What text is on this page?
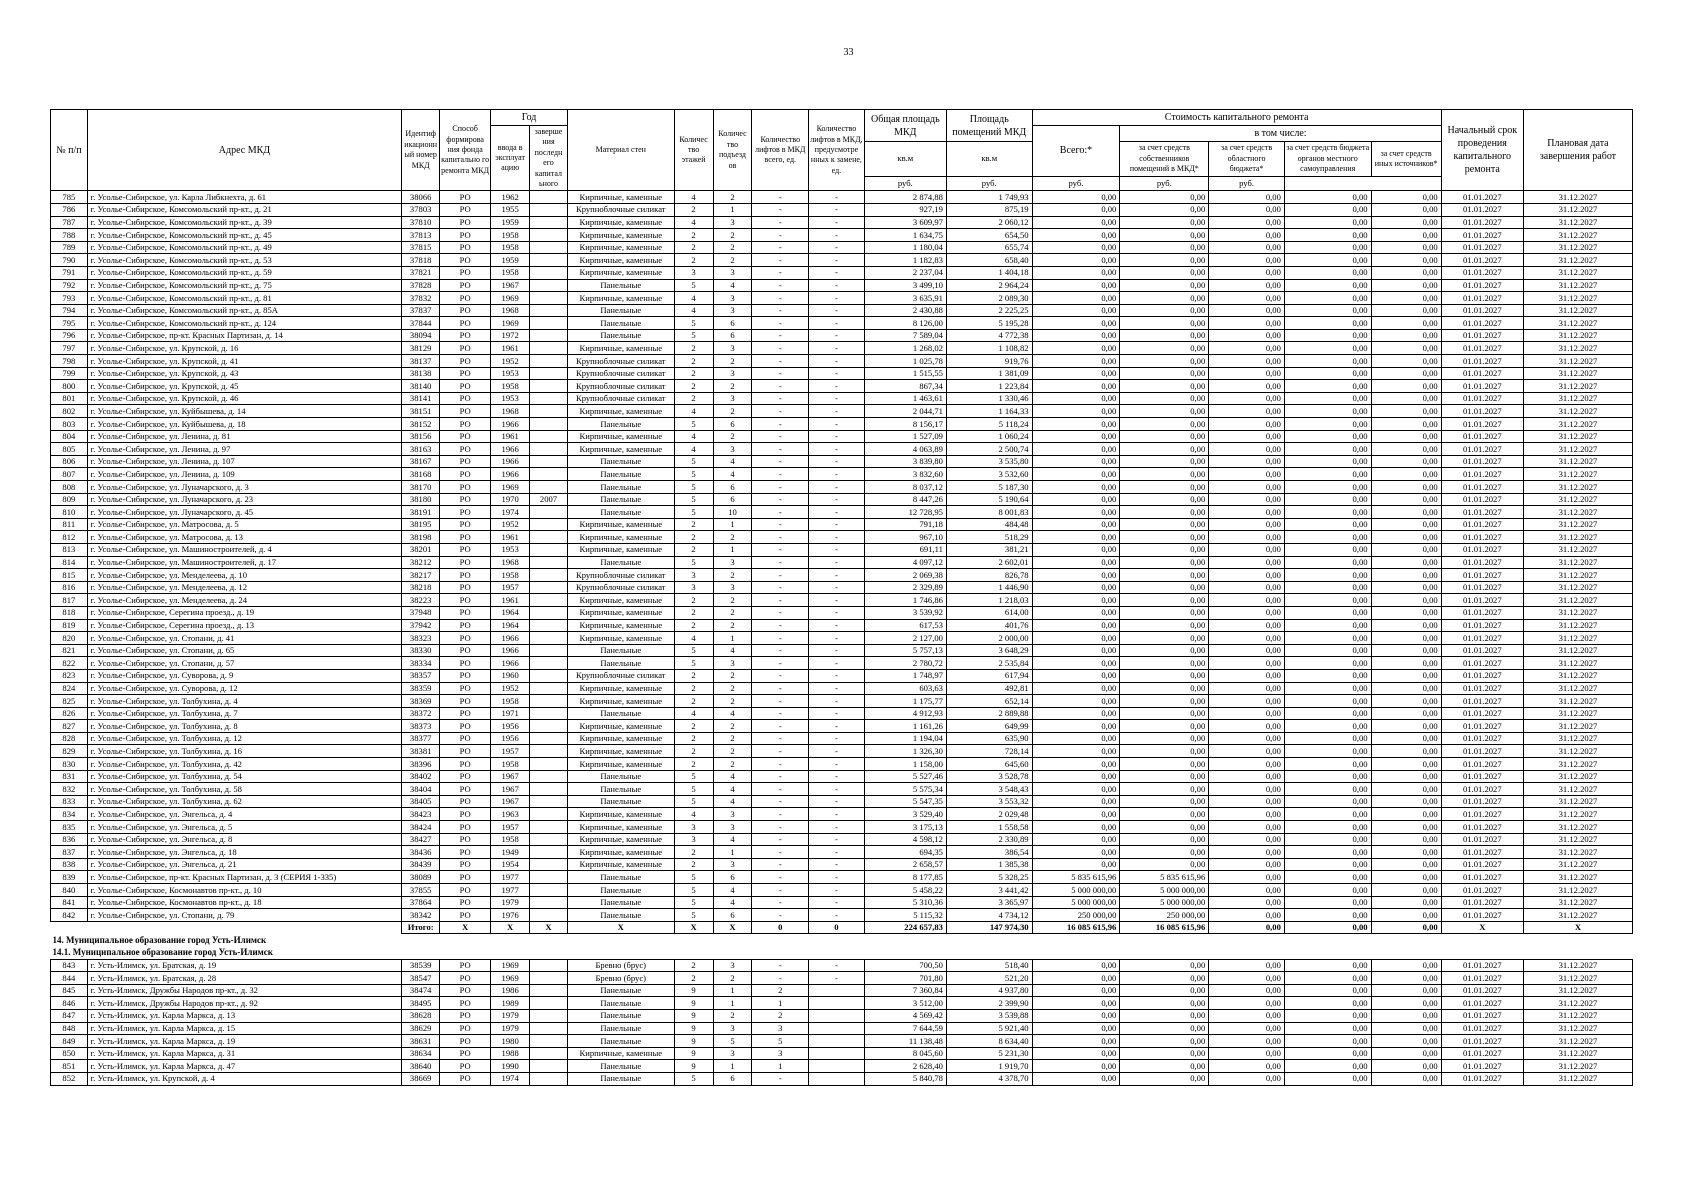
33
№ п/п	Адрес МКД	Идентиф икационн ый номер МКД	Способ формирова ния фонда капитально го ремонта МКД	Год		Материал стен	Количес тво этажей	Количес тво подъезд ов	Количество лифтов в МКД всего, ед.	Количество лифтов в МКД, предусмотре нных к замене, ед.	Общая площадь МКД	Площадь помещений МКД	Стоимость капитального ремонта					Начальный срок проведения капитального ремонта	Плановая дата завершения работ
				ввода в эксплуат ацию	заверше ния последн его капитал ьного								Всего:*	в том числе:					
											кв.м	кв.м		за счет средств собственников помещений в МКД*	за счет средств областного бюджета*	за счет средств бюджета органов местного самоуправления	за счет средств иных источников*		
											руб.	руб.	руб.	руб.	руб.				
785	г. Усолье-Сибирское, ул. Карла Либкнехта, д. 61	38066	РО	1962		Кирпичные, каменные	4	2	-	-	2 874,88	1 749,93	0,00	0,00	0,00	0,00	0,00	01.01.2027	31.12.2027
786	г. Усолье-Сибирское, Комсомольский пр-кт., д. 21	37803	РО	1955		Крупноблочные силикат	2	1	-	-	927,19	875,19	0,00	0,00	0,00	0,00	0,00	01.01.2027	31.12.2027
787	г. Усолье-Сибирское, Комсомольский пр-кт., д. 39	37810	РО	1959		Кирпичные, каменные	4	3	-	-	3 609,97	2 060,12	0,00	0,00	0,00	0,00	0,00	01.01.2027	31.12.2027
788	г. Усолье-Сибирское, Комсомольский пр-кт., д. 45	37813	РО	1958		Кирпичные, каменные	2	2	-	-	1 634,75	654,50	0,00	0,00	0,00	0,00	0,00	01.01.2027	31.12.2027
789	г. Усолье-Сибирское, Комсомольский пр-кт., д. 49	37815	РО	1958		Кирпичные, каменные	2	2	-	-	1 180,04	655,74	0,00	0,00	0,00	0,00	0,00	01.01.2027	31.12.2027
790	г. Усолье-Сибирское, Комсомольский пр-кт., д. 53	37818	РО	1959		Кирпичные, каменные	2	2	-	-	1 182,83	658,40	0,00	0,00	0,00	0,00	0,00	01.01.2027	31.12.2027
791	г. Усолье-Сибирское, Комсомольский пр-кт., д. 59	37821	РО	1958		Кирпичные, каменные	3	3	-	-	2 237,04	1 404,18	0,00	0,00	0,00	0,00	0,00	01.01.2027	31.12.2027
792	г. Усолье-Сибирское, Комсомольский пр-кт., д. 75	37828	РО	1967		Панельные	5	4	-	-	3 499,10	2 964,24	0,00	0,00	0,00	0,00	0,00	01.01.2027	31.12.2027
793	г. Усолье-Сибирское, Комсомольский пр-кт., д. 81	37832	РО	1969		Кирпичные, каменные	4	3	-	-	3 635,91	2 089,30	0,00	0,00	0,00	0,00	0,00	01.01.2027	31.12.2027
794	г. Усолье-Сибирское, Комсомольский пр-кт., д. 85А	37837	РО	1968		Панельные	4	3	-	-	2 430,88	2 225,25	0,00	0,00	0,00	0,00	0,00	01.01.2027	31.12.2027
795	г. Усолье-Сибирское, Комсомольский пр-кт., д. 124	37844	РО	1969		Панельные	5	6	-	-	8 126,00	5 195,28	0,00	0,00	0,00	0,00	0,00	01.01.2027	31.12.2027
796	г. Усолье-Сибирское, пр-кт. Красных Партизан, д. 14	38094	РО	1972		Панельные	5	6	-	-	7 589,04	4 772,38	0,00	0,00	0,00	0,00	0,00	01.01.2027	31.12.2027
797	г. Усолье-Сибирское, ул. Крупской, д. 16	38129	РО	1961		Кирпичные, каменные	2	3	-	-	1 268,02	1 108,82	0,00	0,00	0,00	0,00	0,00	01.01.2027	31.12.2027
798	г. Усолье-Сибирское, ул. Крупской, д. 41	38137	РО	1952		Крупноблочные силикат	2	2	-	-	1 025,78	919,76	0,00	0,00	0,00	0,00	0,00	01.01.2027	31.12.2027
799	г. Усолье-Сибирское, ул. Крупской, д. 43	38138	РО	1953		Крупноблочные силикат	2	3	-	-	1 515,55	1 381,09	0,00	0,00	0,00	0,00	0,00	01.01.2027	31.12.2027
800	г. Усолье-Сибирское, ул. Крупской, д. 45	38140	РО	1958		Крупноблочные силикат	2	2	-	-	867,34	1 223,84	0,00	0,00	0,00	0,00	0,00	01.01.2027	31.12.2027
801	г. Усолье-Сибирское, ул. Крупской, д. 46	38141	РО	1953		Крупноблочные силикат	2	3	-	-	1 463,61	1 330,46	0,00	0,00	0,00	0,00	0,00	01.01.2027	31.12.2027
802	г. Усолье-Сибирское, ул. Куйбышева, д. 14	38151	РО	1968		Кирпичные, каменные	4	2	-	-	2 044,71	1 164,33	0,00	0,00	0,00	0,00	0,00	01.01.2027	31.12.2027
803	г. Усолье-Сибирское, ул. Куйбышева, д. 18	38152	РО	1966		Панельные	5	6	-	-	8 156,17	5 118,24	0,00	0,00	0,00	0,00	0,00	01.01.2027	31.12.2027
804	г. Усолье-Сибирское, ул. Ленина, д. 81	38156	РО	1961		Кирпичные, каменные	4	2	-	-	1 527,09	1 060,24	0,00	0,00	0,00	0,00	0,00	01.01.2027	31.12.2027
805	г. Усолье-Сибирское, ул. Ленина, д. 97	38163	РО	1966		Кирпичные, каменные	4	3	-	-	4 063,89	2 500,74	0,00	0,00	0,00	0,00	0,00	01.01.2027	31.12.2027
806	г. Усолье-Сибирское, ул. Ленина, д. 107	38167	РО	1966		Панельные	5	4	-	-	3 839,80	3 535,80	0,00	0,00	0,00	0,00	0,00	01.01.2027	31.12.2027
807	г. Усолье-Сибирское, ул. Ленина, д. 109	38168	РО	1966		Панельные	5	4	-	-	3 832,60	3 532,60	0,00	0,00	0,00	0,00	0,00	01.01.2027	31.12.2027
808	г. Усолье-Сибирское, ул. Луначарского, д. 3	38170	РО	1969		Панельные	5	6	-	-	8 037,12	5 187,30	0,00	0,00	0,00	0,00	0,00	01.01.2027	31.12.2027
809	г. Усолье-Сибирское, ул. Луначарского, д. 23	38180	РО	1970	2007	Панельные	5	6	-	-	8 447,26	5 190,64	0,00	0,00	0,00	0,00	0,00	01.01.2027	31.12.2027
810	г. Усолье-Сибирское, ул. Луначарского, д. 45	38191	РО	1974		Панельные	5	10	-	-	12 728,95	8 001,83	0,00	0,00	0,00	0,00	0,00	01.01.2027	31.12.2027
811	г. Усолье-Сибирское, ул. Матросова, д. 5	38195	РО	1952		Кирпичные, каменные	2	1	-	-	791,18	484,48	0,00	0,00	0,00	0,00	0,00	01.01.2027	31.12.2027
812	г. Усолье-Сибирское, ул. Матросова, д. 13	38198	РО	1961		Кирпичные, каменные	2	2	-	-	967,10	518,29	0,00	0,00	0,00	0,00	0,00	01.01.2027	31.12.2027
813	г. Усолье-Сибирское, ул. Машиностроителей, д. 4	38201	РО	1953		Кирпичные, каменные	2	1	-	-	691,11	381,21	0,00	0,00	0,00	0,00	0,00	01.01.2027	31.12.2027
814	г. Усолье-Сибирское, ул. Машиностроителей, д. 17	38212	РО	1968		Панельные	5	3	-	-	4 097,12	2 602,01	0,00	0,00	0,00	0,00	0,00	01.01.2027	31.12.2027
815	г. Усолье-Сибирское, ул. Менделеева, д. 10	38217	РО	1958		Крупноблочные силикат	3	2	-	-	2 069,38	826,78	0,00	0,00	0,00	0,00	0,00	01.01.2027	31.12.2027
816	г. Усолье-Сибирское, ул. Менделеева, д. 12	38218	РО	1957		Крупноблочные силикат	3	3	-	-	2 329,89	1 446,90	0,00	0,00	0,00	0,00	0,00	01.01.2027	31.12.2027
817	г. Усолье-Сибирское, ул. Менделеева, д. 24	38223	РО	1961		Кирпичные, каменные	2	2	-	-	1 746,86	1 218,03	0,00	0,00	0,00	0,00	0,00	01.01.2027	31.12.2027
818	г. Усолье-Сибирское, Серегина проезд., д. 19	37948	РО	1964		Кирпичные, каменные	2	2	-	-	3 539,92	614,00	0,00	0,00	0,00	0,00	0,00	01.01.2027	31.12.2027
819	г. Усолье-Сибирское, Серегина проезд., д. 13	37942	РО	1964		Кирпичные, каменные	2	2	-	-	617,53	401,76	0,00	0,00	0,00	0,00	0,00	01.01.2027	31.12.2027
820	г. Усолье-Сибирское, ул. Стопани, д. 41	38323	РО	1966		Кирпичные, каменные	4	1	-	-	2 127,00	2 000,00	0,00	0,00	0,00	0,00	0,00	01.01.2027	31.12.2027
821	г. Усолье-Сибирское, ул. Стопани, д. 65	38330	РО	1966		Панельные	5	4	-	-	5 757,13	3 648,29	0,00	0,00	0,00	0,00	0,00	01.01.2027	31.12.2027
822	г. Усолье-Сибирское, ул. Стопани, д. 57	38334	РО	1966		Панельные	5	3	-	-	2 780,72	2 535,84	0,00	0,00	0,00	0,00	0,00	01.01.2027	31.12.2027
823	г. Усолье-Сибирское, ул. Суворова, д. 9	38357	РО	1960		Крупноблочные силикат	2	2	-	-	1 748,97	617,94	0,00	0,00	0,00	0,00	0,00	01.01.2027	31.12.2027
824	г. Усолье-Сибирское, ул. Суворова, д. 12	38359	РО	1952		Кирпичные, каменные	2	2	-	-	603,63	492,81	0,00	0,00	0,00	0,00	0,00	01.01.2027	31.12.2027
825	г. Усолье-Сибирское, ул. Толбухина, д. 4	38369	РО	1958		Кирпичные, каменные	2	2	-	-	1 175,77	652,14	0,00	0,00	0,00	0,00	0,00	01.01.2027	31.12.2027
826	г. Усолье-Сибирское, ул. Толбухина, д. 7	38372	РО	1971		Панельные	4	4	-	-	4 912,93	2 889,88	0,00	0,00	0,00	0,00	0,00	01.01.2027	31.12.2027
827	г. Усолье-Сибирское, ул. Толбухина, д. 8	38373	РО	1956		Кирпичные, каменные	2	2	-	-	1 161,26	649,99	0,00	0,00	0,00	0,00	0,00	01.01.2027	31.12.2027
828	г. Усолье-Сибирское, ул. Толбухина, д. 12	38377	РО	1956		Кирпичные, каменные	2	2	-	-	1 194,04	635,90	0,00	0,00	0,00	0,00	0,00	01.01.2027	31.12.2027
829	г. Усолье-Сибирское, ул. Толбухина, д. 16	38381	РО	1957		Кирпичные, каменные	2	2	-	-	1 326,30	728,14	0,00	0,00	0,00	0,00	0,00	01.01.2027	31.12.2027
830	г. Усолье-Сибирское, ул. Толбухина, д. 42	38396	РО	1958		Кирпичные, каменные	2	2	-	-	1 158,00	645,60	0,00	0,00	0,00	0,00	0,00	01.01.2027	31.12.2027
831	г. Усолье-Сибирское, ул. Толбухина, д. 54	38402	РО	1967		Панельные	5	4	-	-	5 527,46	3 528,78	0,00	0,00	0,00	0,00	0,00	01.01.2027	31.12.2027
832	г. Усолье-Сибирское, ул. Толбухина, д. 58	38404	РО	1967		Панельные	5	4	-	-	5 575,34	3 548,43	0,00	0,00	0,00	0,00	0,00	01.01.2027	31.12.2027
833	г. Усолье-Сибирское, ул. Толбухина, д. 62	38405	РО	1967		Панельные	5	4	-	-	5 547,35	3 553,32	0,00	0,00	0,00	0,00	0,00	01.01.2027	31.12.2027
834	г. Усолье-Сибирское, ул. Энгельса, д. 4	38423	РО	1963		Кирпичные, каменные	4	3	-	-	3 529,40	2 029,48	0,00	0,00	0,00	0,00	0,00	01.01.2027	31.12.2027
835	г. Усолье-Сибирское, ул. Энгельса, д. 5	38424	РО	1957		Кирпичные, каменные	3	3	-	-	3 175,13	1 558,58	0,00	0,00	0,00	0,00	0,00	01.01.2027	31.12.2027
836	г. Усолье-Сибирское, ул. Энгельса, д. 8	38427	РО	1958		Кирпичные, каменные	3	4	-	-	4 598,12	2 330,89	0,00	0,00	0,00	0,00	0,00	01.01.2027	31.12.2027
837	г. Усолье-Сибирское, ул. Энгельса, д. 18	38436	РО	1949		Кирпичные, каменные	2	1	-	-	694,35	386,54	0,00	0,00	0,00	0,00	0,00	01.01.2027	31.12.2027
838	г. Усолье-Сибирское, ул. Энгельса, д. 21	38439	РО	1954		Кирпичные, каменные	2	3	-	-	2 658,57	1 385,38	0,00	0,00	0,00	0,00	0,00	01.01.2027	31.12.2027
839	г. Усолье-Сибирское, пр-кт. Красных Партизан, д. 3 (СЕРИЯ 1-335)	38089	РО	1977		Панельные	5	6	-	-	8 177,85	5 328,25	5 835 615,96	5 835 615,96	0,00	0,00	0,00	01.01.2027	31.12.2027
840	г. Усолье-Сибирское, Космонавтов пр-кт., д. 10	37855	РО	1977		Панельные	5	4	-	-	5 458,22	3 441,42	5 000 000,00	5 000 000,00	0,00	0,00	0,00	01.01.2027	31.12.2027
841	г. Усолье-Сибирское, Космонавтов пр-кт., д. 18	37864	РО	1979		Панельные	5	4	-	-	5 310,36	3 365,97	5 000 000,00	5 000 000,00	0,00	0,00	0,00	01.01.2027	31.12.2027
842	г. Усолье-Сибирское, ул. Стопани, д. 79	38342	РО	1976		Панельные	5	6	-	-	5 115,32	4 734,12	250 000,00	250 000,00	0,00	0,00	0,00	01.01.2027	31.12.2027
		Итого:	X	X	X	X	X	X	0	0	224 657,83	147 974,30	16 085 615,96	16 085 615,96	0,00	0,00	0,00	X	X
14. Муниципальное образование город Усть-Илимск																			
14.1. Муниципальное образование город Усть-Илимск																			
843	г. Усть-Илимск, ул. Братская, д. 19	38539	РО	1969		Бревно (брус)	2	3	-	-	700,50	518,40	0,00	0,00	0,00	0,00	0,00	01.01.2027	31.12.2027
844	г. Усть-Илимск, ул. Братская, д. 28	38547	РО	1969		Бревно (брус)	2	2	-	-	701,80	521,20	0,00	0,00	0,00	0,00	0,00	01.01.2027	31.12.2027
845	г. Усть-Илимск, Дружбы Народов пр-кт., д. 32	38474	РО	1986		Панельные	9	1	2		7 360,84	4 937,80	0,00	0,00	0,00	0,00	0,00	01.01.2027	31.12.2027
846	г. Усть-Илимск, Дружбы Народов пр-кт., д. 92	38495	РО	1989		Панельные	9	1	1		3 512,00	2 399,90	0,00	0,00	0,00	0,00	0,00	01.01.2027	31.12.2027
847	г. Усть-Илимск, ул. Карла Маркса, д. 13	38628	РО	1979		Панельные	9	2	2		4 569,42	3 539,88	0,00	0,00	0,00	0,00	0,00	01.01.2027	31.12.2027
848	г. Усть-Илимск, ул. Карла Маркса, д. 15	38629	РО	1979		Панельные	9	3	3		7 644,59	5 921,40	0,00	0,00	0,00	0,00	0,00	01.01.2027	31.12.2027
849	г. Усть-Илимск, ул. Карла Маркса, д. 19	38631	РО	1980		Панельные	9	5	5		11 138,48	8 634,40	0,00	0,00	0,00	0,00	0,00	01.01.2027	31.12.2027
850	г. Усть-Илимск, ул. Карла Маркса, д. 31	38634	РО	1988		Кирпичные, каменные	9	3	3		8 045,60	5 231,30	0,00	0,00	0,00	0,00	0,00	01.01.2027	31.12.2027
851	г. Усть-Илимск, ул. Карла Маркса, д. 47	38640	РО	1990		Панельные	9	1	1		2 628,40	1 919,70	0,00	0,00	0,00	0,00	0,00	01.01.2027	31.12.2027
852	г. Усть-Илимск, ул. Крупской, д. 4	38669	РО	1974		Панельные	5	6	-		5 840,78	4 378,70	0,00	0,00	0,00	0,00	0,00	01.01.2027	31.12.2027
